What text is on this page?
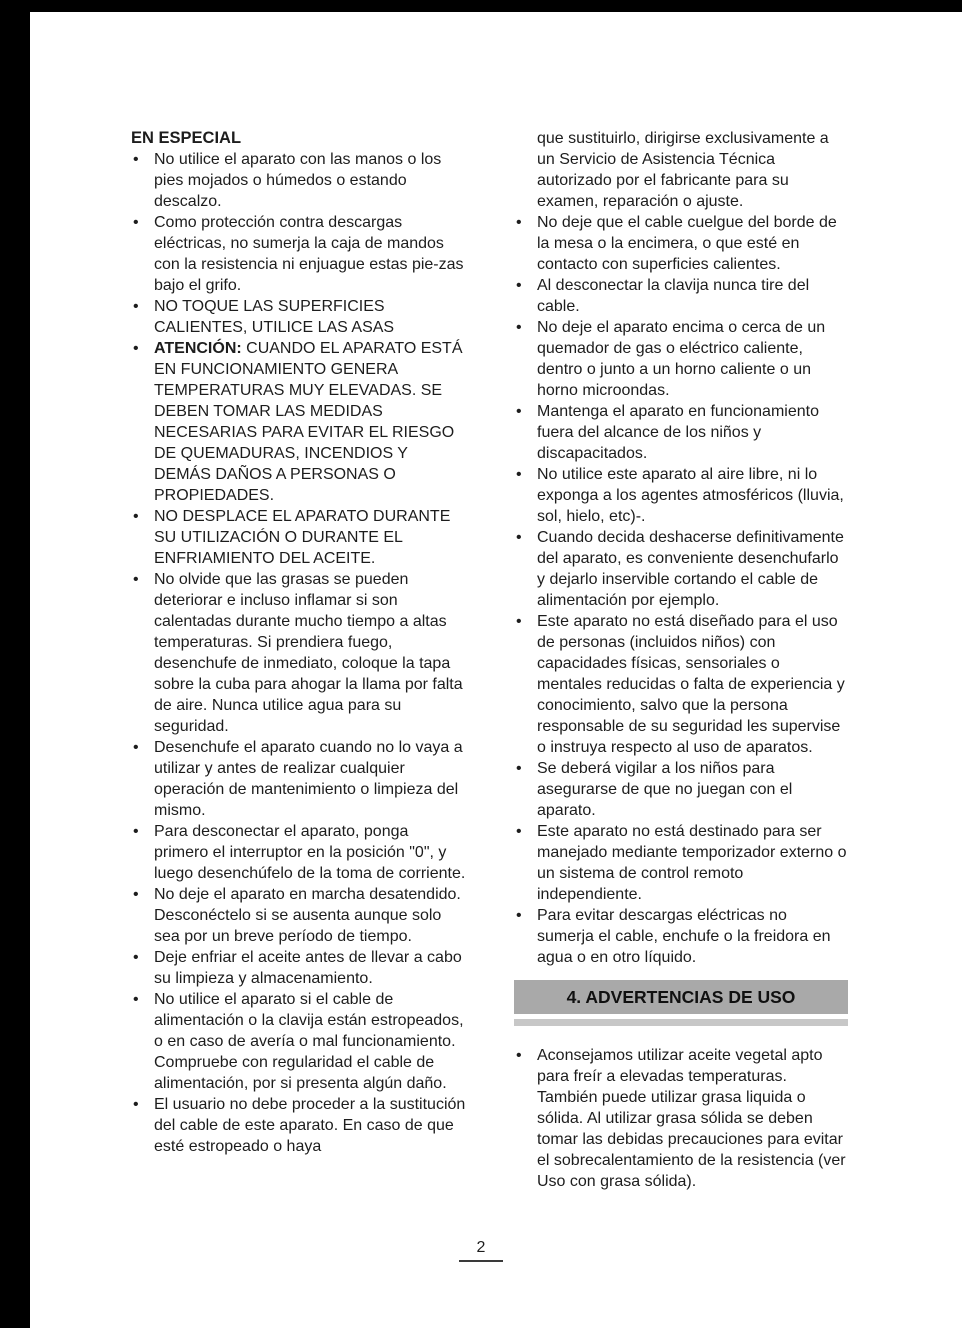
EN ESPECIAL
• No utilice el aparato con las manos o los pies mojados o húmedos o estando descalzo.
• Como protección contra descargas eléctricas, no sumerja la caja de mandos con la resistencia ni enjuague estas pie-zas bajo el grifo.
• NO TOQUE LAS SUPERFICIES CALIENTES, UTILICE LAS ASAS
• ATENCIÓN: CUANDO EL APARATO ESTÁ EN FUNCIONAMIENTO GENERA TEMPERATURAS MUY ELEVADAS. SE DEBEN TOMAR LAS MEDIDAS NECESARIAS PARA EVITAR EL RIESGO DE QUEMADURAS, INCENDIOS Y DEMÁS DAÑOS A PERSONAS O PROPIEDADES.
• NO DESPLACE EL APARATO DURANTE SU UTILIZACIÓN O DURANTE EL ENFRIAMIENTO DEL ACEITE.
• No olvide que las grasas se pueden deteriorar e incluso inflamar si son calentadas durante mucho tiempo a altas temperaturas. Si prendiera fuego, desenchufe de inmediato, coloque la tapa sobre la cuba para ahogar la llama por falta de aire. Nunca utilice agua para su seguridad.
• Desenchufe el aparato cuando no lo vaya a utilizar y antes de realizar cualquier operación de mantenimiento o limpieza del mismo.
• Para desconectar el aparato, ponga primero el interruptor en la posición "0", y luego desenchúfelo de la toma de corriente.
• No deje el aparato en marcha desatendido. Desconéctelo si se ausenta aunque solo sea por un breve período de tiempo.
• Deje enfriar el aceite antes de llevar a cabo su limpieza y almacenamiento.
• No utilice el aparato si el cable de alimentación o la clavija están estropeados, o en caso de avería o mal funcionamiento. Compruebe con regularidad el cable de alimentación, por si presenta algún daño.
• El usuario no debe proceder a la sustitución del cable de este aparato. En caso de que esté estropeado o haya

que sustituirlo, dirigirse exclusivamente a un Servicio de Asistencia Técnica autorizado por el fabricante para su examen, reparación o ajuste.

• No deje que el cable cuelgue del borde de la mesa o la encimera, o que esté en contacto con superficies calientes.
• Al desconectar la clavija nunca tire del cable.
• No deje el aparato encima o cerca de un quemador de gas o eléctrico caliente, dentro o junto a un horno caliente o un horno microondas.
• Mantenga el aparato en funcionamiento fuera del alcance de los niños y discapacitados.
• No utilice este aparato al aire libre, ni lo exponga a los agentes atmosféricos (lluvia, sol, hielo, etc)-.
• Cuando decida deshacerse definitivamente del aparato, es conveniente desenchufarlo y dejarlo inservible cortando el cable de alimentación por ejemplo.
• Este aparato no está diseñado para el uso de personas (incluidos niños) con capacidades físicas, sensoriales o mentales reducidas o falta de experiencia y conocimiento, salvo que la persona responsable de su seguridad les supervise o instruya respecto al uso de aparatos.
• Se deberá vigilar a los niños para asegurarse de que no juegan con el aparato.
• Este aparato no está destinado para ser manejado mediante temporizador externo o un sistema de control remoto independiente.
• Para evitar descargas eléctricas no sumerja el cable, enchufe o la freidora en agua o en otro líquido.
4. ADVERTENCIAS DE USO
• Aconsejamos utilizar aceite vegetal apto para freír a elevadas temperaturas. También puede utilizar grasa liquida o sólida. Al utilizar grasa sólida se deben tomar las debidas precauciones para evitar el sobrecalentamiento de la resistencia (ver Uso con grasa sólida).
2
